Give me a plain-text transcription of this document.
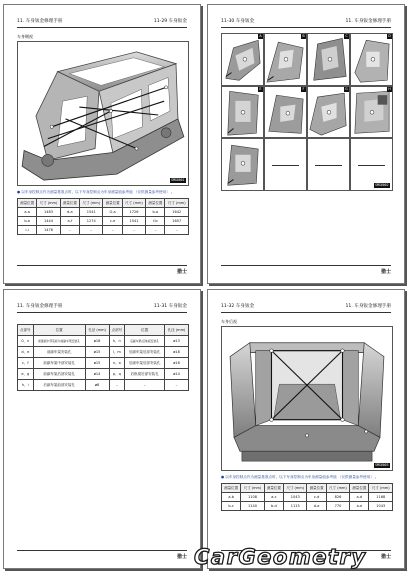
11. 车身钣金修理手册	11-29 车身钣金
车身侧视
SMG0001
● 以车身控制点作为测量基准点时，以下车身控制点为车身测量值参考值 （仅供测量参考使用） 。
测量位置	尺寸 (mm)	测量位置	尺寸 (mm)	测量位置	尺寸 (mm)	测量位置	尺寸 (mm)
a-a	1483	d-a	1541	G-a	1726	b-a	1642
b-a	1444	a-f	1274	c-e	1541	f-b	1607
i-i	1476	–	–	–	–	–	–
猎士
11-30 车身钣金	11. 车身钣金修理手册
A	B	C	D
E	F	G	H
SMG0002
猎士
11. 车身钣金修理手册	11-31 车身钣金
点部号	位置	孔径 (mm)	点部号	位置	孔径 (mm)
0、n	前围板中部底板与前副车架安装孔	ø18	k、n	后副车架/后地板安装孔	ø13
d、e	前副车架安装孔	ø15	l、m	后副车架后部安装孔	ø18
c、f	前副车架中部安装孔	ø15	n、o	后副车架后部安装孔	ø16
e、g	前副车架后部安装孔	ø14	p、q	后纵梁后部安装孔	ø14
h、i	后副车架前部安装孔	ø8	–	–	–
猎士
11-32 车身钣金	11. 车身钣金修理手册
车身后视
SMG0003
● 以车身控制点作为测量基准点时，以下车身控制点为车身测量值参考值 （仅供测量参考使用） 。
测量位置	尺寸 (mm)	测量位置	尺寸 (mm)	测量位置	尺寸 (mm)	测量位置	尺寸 (mm)
a-b	1108	a-c	1043	c-d	826	a-d	1168
b-c	1140	b-d	1115	d-a	770	a-e	1043
猎士
CarGeometry
